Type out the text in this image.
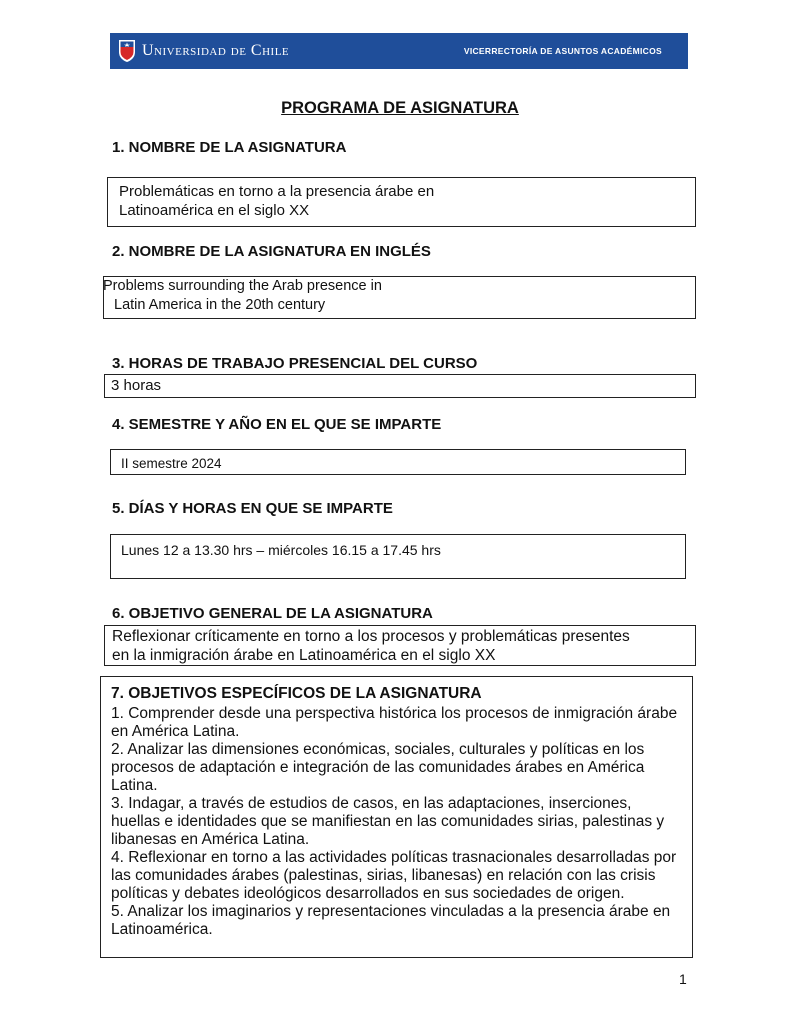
Universidad de Chile	VICERRECTORÍA DE ASUNTOS ACADÉMICOS
PROGRAMA DE ASIGNATURA
1. NOMBRE DE LA ASIGNATURA

Problemáticas en torno a la presencia árabe en

Latinoamérica en el siglo XX

2. NOMBRE DE LA ASIGNATURA EN INGLÉS

Problems surrounding the Arab presence in

Latin America in the 20th century

3. HORAS DE TRABAJO PRESENCIAL DEL CURSO

3 horas

4. SEMESTRE Y AÑO EN EL QUE SE IMPARTE

II semestre 2024

5. DÍAS Y HORAS EN QUE SE IMPARTE

Lunes 12 a 13.30 hrs – miércoles 16.15 a 17.45 hrs

6. OBJETIVO GENERAL DE LA ASIGNATURA

Reflexionar críticamente en torno a los procesos y problemáticas presentes

en la inmigración árabe en Latinoamérica en el siglo XX

7. OBJETIVOS ESPECÍFICOS DE LA ASIGNATURA

1. Comprender desde una perspectiva histórica los procesos de inmigración árabe en América Latina.

2. Analizar las dimensiones económicas, sociales, culturales y políticas en los procesos de adaptación e integración de las comunidades árabes en América Latina.

3. Indagar, a través de estudios de casos, en las adaptaciones, inserciones, huellas e identidades que se manifiestan en las comunidades sirias, palestinas y libanesas en América Latina.

4. Reflexionar en torno a las actividades políticas trasnacionales desarrolladas por las comunidades árabes (palestinas, sirias, libanesas) en relación con las crisis políticas y debates ideológicos desarrollados en sus sociedades de origen.

5. Analizar los imaginarios y representaciones vinculadas a la presencia árabe en Latinoamérica.

1
